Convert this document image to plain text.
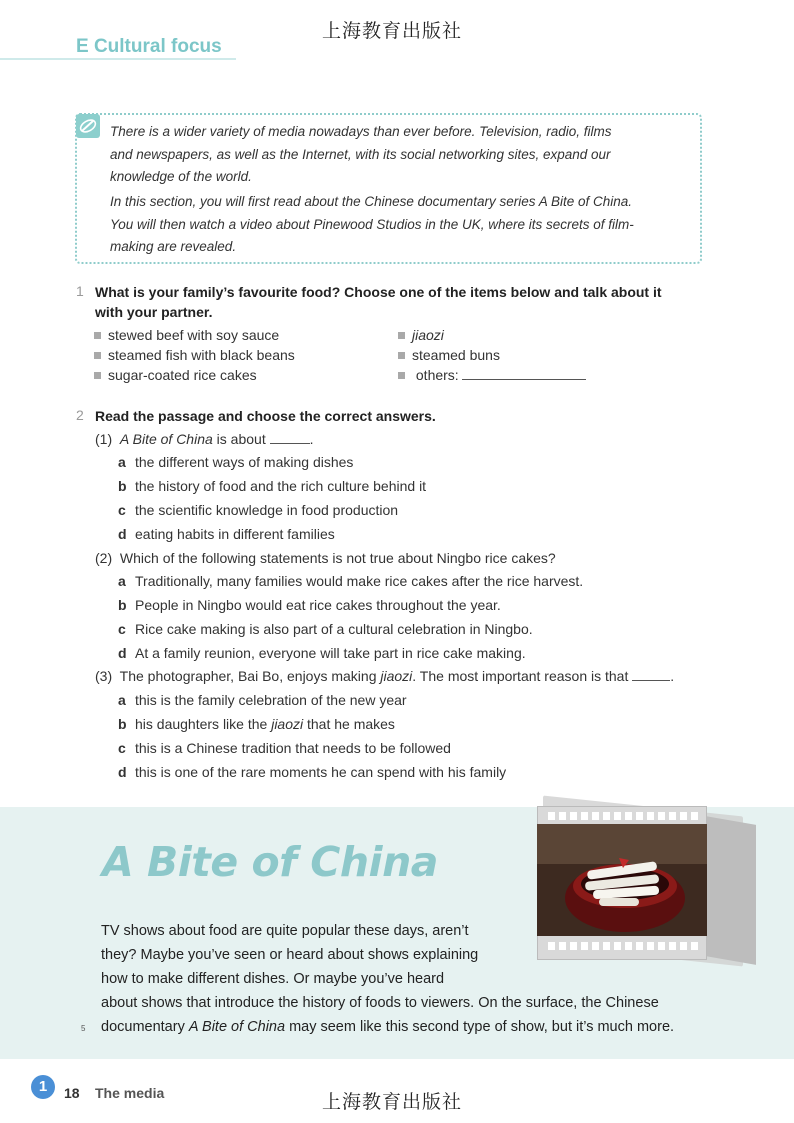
上海教育出版社
E Cultural focus
There is a wider variety of media nowadays than ever before. Television, radio, films
and newspapers, as well as the Internet, with its social networking sites, expand our
knowledge of the world.
In this section, you will first read about the Chinese documentary series A Bite of China.
You will then watch a video about Pinewood Studios in the UK, where its secrets of film-
making are revealed.
1 What is your family’s favourite food? Choose one of the items below and talk about it
with your partner.
stewed beef with soy sauce
steamed fish with black beans
sugar-coated rice cakes
jiaozi
steamed buns
others:
2 Read the passage and choose the correct answers.
(1) A Bite of China is about	.
a the different ways of making dishes
b the history of food and the rich culture behind it
c the scientific knowledge in food production
d eating habits in different families
(2) Which of the following statements is not true about Ningbo rice cakes?
a Traditionally, many families would make rice cakes after the rice harvest.
b People in Ningbo would eat rice cakes throughout the year.
c Rice cake making is also part of a cultural celebration in Ningbo.
d At a family reunion, everyone will take part in rice cake making.
(3) The photographer, Bai Bo, enjoys making jiaozi. The most important reason is that	.
a this is the family celebration of the new year
b his daughters like the jiaozi that he makes
c this is a Chinese tradition that needs to be followed
d this is one of the rare moments he can spend with his family
A Bite of China
TV shows about food are quite popular these days, aren’t
they? Maybe you’ve seen or heard about shows explaining
how to make different dishes. Or maybe you’ve heard
about shows that introduce the history of foods to viewers. On the surface, the Chinese
documentary A Bite of China may seem like this second type of show, but it’s much more.
5
1	18 The media	上海教育出版社
